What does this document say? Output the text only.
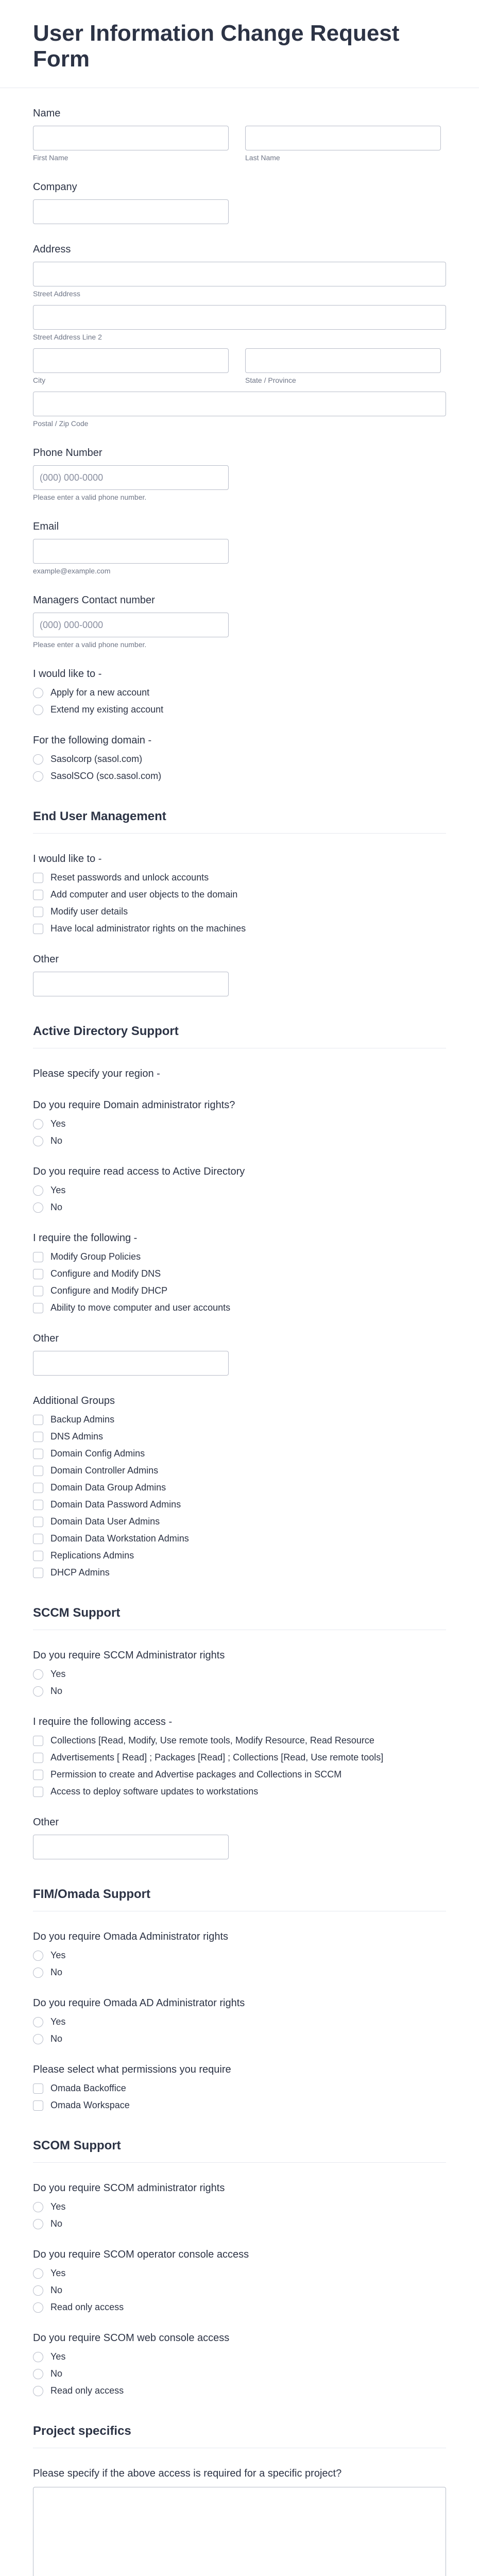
User Information Change Request Form
Name
First Name	Last Name
Company
Address
Street Address
Street Address Line 2
City	State / Province
Postal / Zip Code
Phone Number
(000) 000-0000
Please enter a valid phone number.
Email
example@example.com
Managers Contact number
(000) 000-0000
Please enter a valid phone number.
I would like to -
Apply for a new account
Extend my existing account
For the following domain -
Sasolcorp (sasol.com)
SasolSCO (sco.sasol.com)
End User Management
I would like to -
Reset passwords and unlock accounts
Add computer and user objects to the domain
Modify user details
Have local administrator rights on the machines
Other
Active Directory Support
Please specify your region -
Do you require Domain administrator rights?
Yes
No
Do you require read access to Active Directory
Yes
No
I require the following -
Modify Group Policies
Configure and Modify DNS
Configure and Modify DHCP
Ability to move computer and user accounts
Other
Additional Groups
Backup Admins
DNS Admins
Domain Config Admins
Domain Controller Admins
Domain Data Group Admins
Domain Data Password Admins
Domain Data User Admins
Domain Data Workstation Admins
Replications Admins
DHCP Admins
SCCM Support
Do you require SCCM Administrator rights
Yes
No
I require the following access -
Collections [Read, Modify, Use remote tools, Modify Resource, Read Resource
Advertisements [ Read] ; Packages [Read] ; Collections [Read, Use remote tools]
Permission to create and Advertise packages and Collections in SCCM
Access to deploy software updates to workstations
Other
FIM/Omada Support
Do you require Omada Administrator rights
Yes
No
Do you require Omada AD Administrator rights
Yes
No
Please select what permissions you require
Omada Backoffice
Omada Workspace
SCOM Support
Do you require SCOM administrator rights
Yes
No
Do you require SCOM operator console access
Yes
No
Read only access
Do you require SCOM web console access
Yes
No
Read only access
Project specifics
Please specify if the above access is required for a specific project?
